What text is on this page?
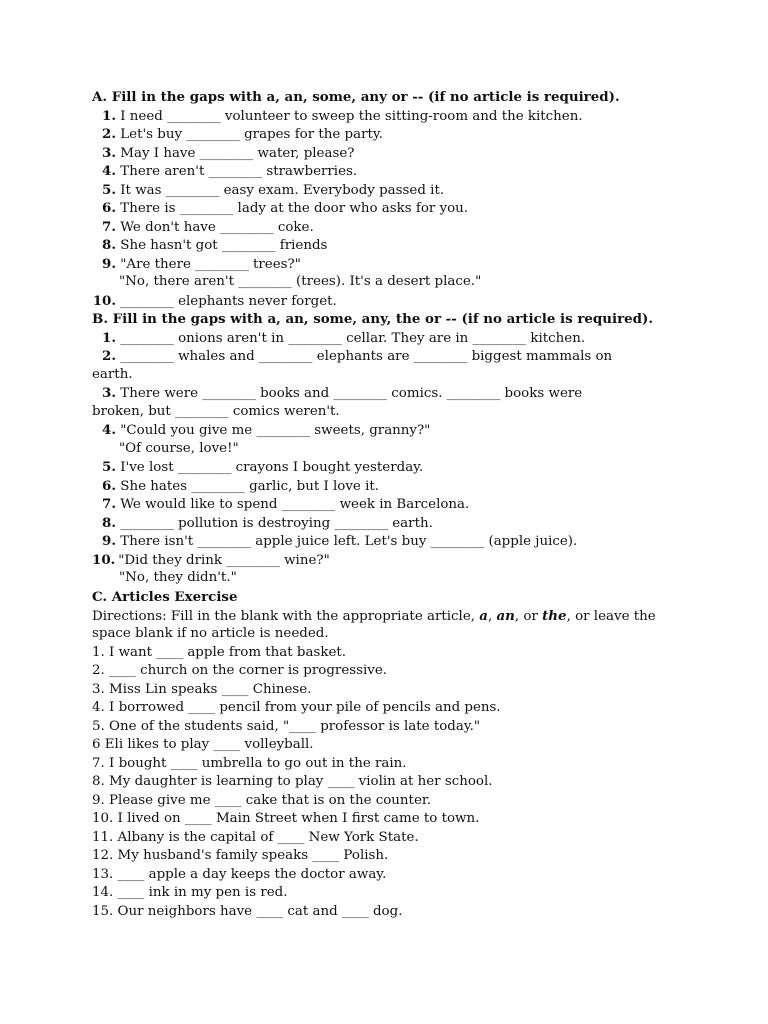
A. Fill in the gaps with a, an, some, any or -- (if no article is required).
1. I need ________ volunteer to sweep the sitting-room and the kitchen.
2. Let's buy ________ grapes for the party.
3. May I have ________ water, please?
4. There aren't ________ strawberries.
5. It was ________ easy exam. Everybody passed it.
6. There is ________ lady at the door who asks for you.
7. We don't have ________ coke.
8. She hasn't got ________ friends
9. "Are there ________ trees?"
"No, there aren't ________ (trees). It's a desert place."
10. ________ elephants never forget.
B. Fill in the gaps with a, an, some, any, the or -- (if no article is required).
1. ________ onions aren't in ________ cellar. They are in ________ kitchen.
2. ________ whales and ________ elephants are ________ biggest mammals on
earth.
3. There were ________ books and ________ comics. ________ books were
broken, but ________ comics weren't.
4. "Could you give me ________ sweets, granny?"
"Of course, love!"
5. I've lost ________ crayons I bought yesterday.
6. She hates ________ garlic, but I love it.
7. We would like to spend ________ week in Barcelona.
8. ________ pollution is destroying ________ earth.
9. There isn't ________ apple juice left. Let's buy ________ (apple juice).
10. "Did they drink ________ wine?"
"No, they didn't."
C. Articles Exercise
Directions: Fill in the blank with the appropriate article, a, an, or the, or leave the
space blank if no article is needed.
1. I want ____ apple from that basket.
2. ____ church on the corner is progressive.
3. Miss Lin speaks ____ Chinese.
4. I borrowed ____ pencil from your pile of pencils and pens.
5. One of the students said, "____ professor is late today."
6 Eli likes to play ____ volleyball.
7. I bought ____ umbrella to go out in the rain.
8. My daughter is learning to play ____ violin at her school.
9. Please give me ____ cake that is on the counter.
10. I lived on ____ Main Street when I first came to town.
11. Albany is the capital of ____ New York State.
12. My husband's family speaks ____ Polish.
13. ____ apple a day keeps the doctor away.
14. ____ ink in my pen is red.
15. Our neighbors have ____ cat and ____ dog.
